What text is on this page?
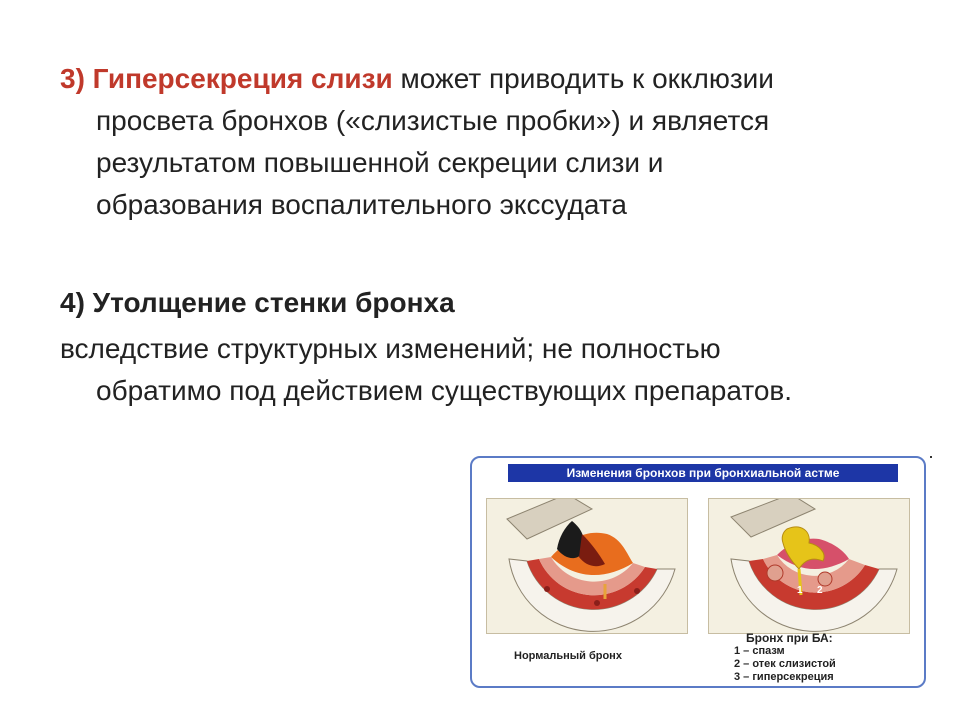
3) Гиперсекреция слизи может приводить к окклюзии
просвета бронхов («слизистые пробки») и является
результатом повышенной секреции слизи и
образования воспалительного экссудата
4) Утолщение стенки бронха
вследствие структурных изменений; не полностью
обратимо под действием существующих препаратов.
Изменения бронхов при бронхиальной астме
1 2
Нормальный бронх
Бронх при БА:
1 – спазм
2 – отек слизистой
3 – гиперсекреция
